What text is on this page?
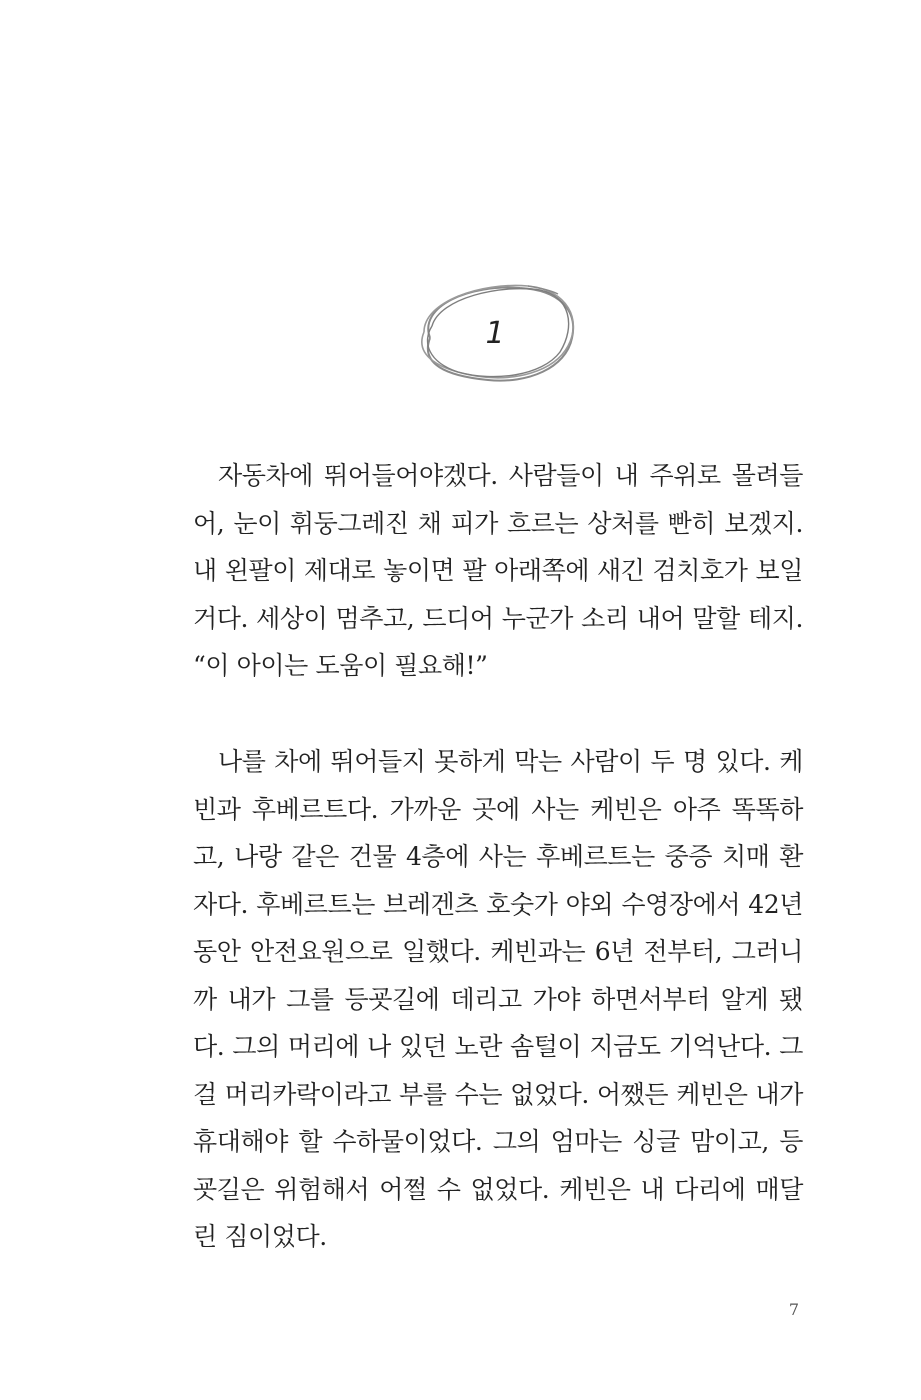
1

자동차에 뛰어들어야겠다. 사람들이 내 주위로 몰려들어, 눈이 휘둥그레진 채 피가 흐르는 상처를 빤히 보겠지. 내 왼팔이 제대로 놓이면 팔 아래쪽에 새긴 검치호가 보일 거다. 세상이 멈추고, 드디어 누군가 소리 내어 말할 테지. “이 아이는 도움이 필요해!”

나를 차에 뛰어들지 못하게 막는 사람이 두 명 있다. 케빈과 후베르트다. 가까운 곳에 사는 케빈은 아주 똑똑하고, 나랑 같은 건물 4층에 사는 후베르트는 중증 치매 환자다. 후베르트는 브레겐츠 호숫가 야외 수영장에서 42년 동안 안전요원으로 일했다. 케빈과는 6년 전부터, 그러니까 내가 그를 등굣길에 데리고 가야 하면서부터 알게 됐다. 그의 머리에 나 있던 노란 솜털이 지금도 기억난다. 그걸 머리카락이라고 부를 수는 없었다. 어쨌든 케빈은 내가 휴대해야 할 수하물이었다. 그의 엄마는 싱글 맘이고, 등굣길은 위험해서 어쩔 수 없었다. 케빈은 내 다리에 매달린 짐이었다.

7
